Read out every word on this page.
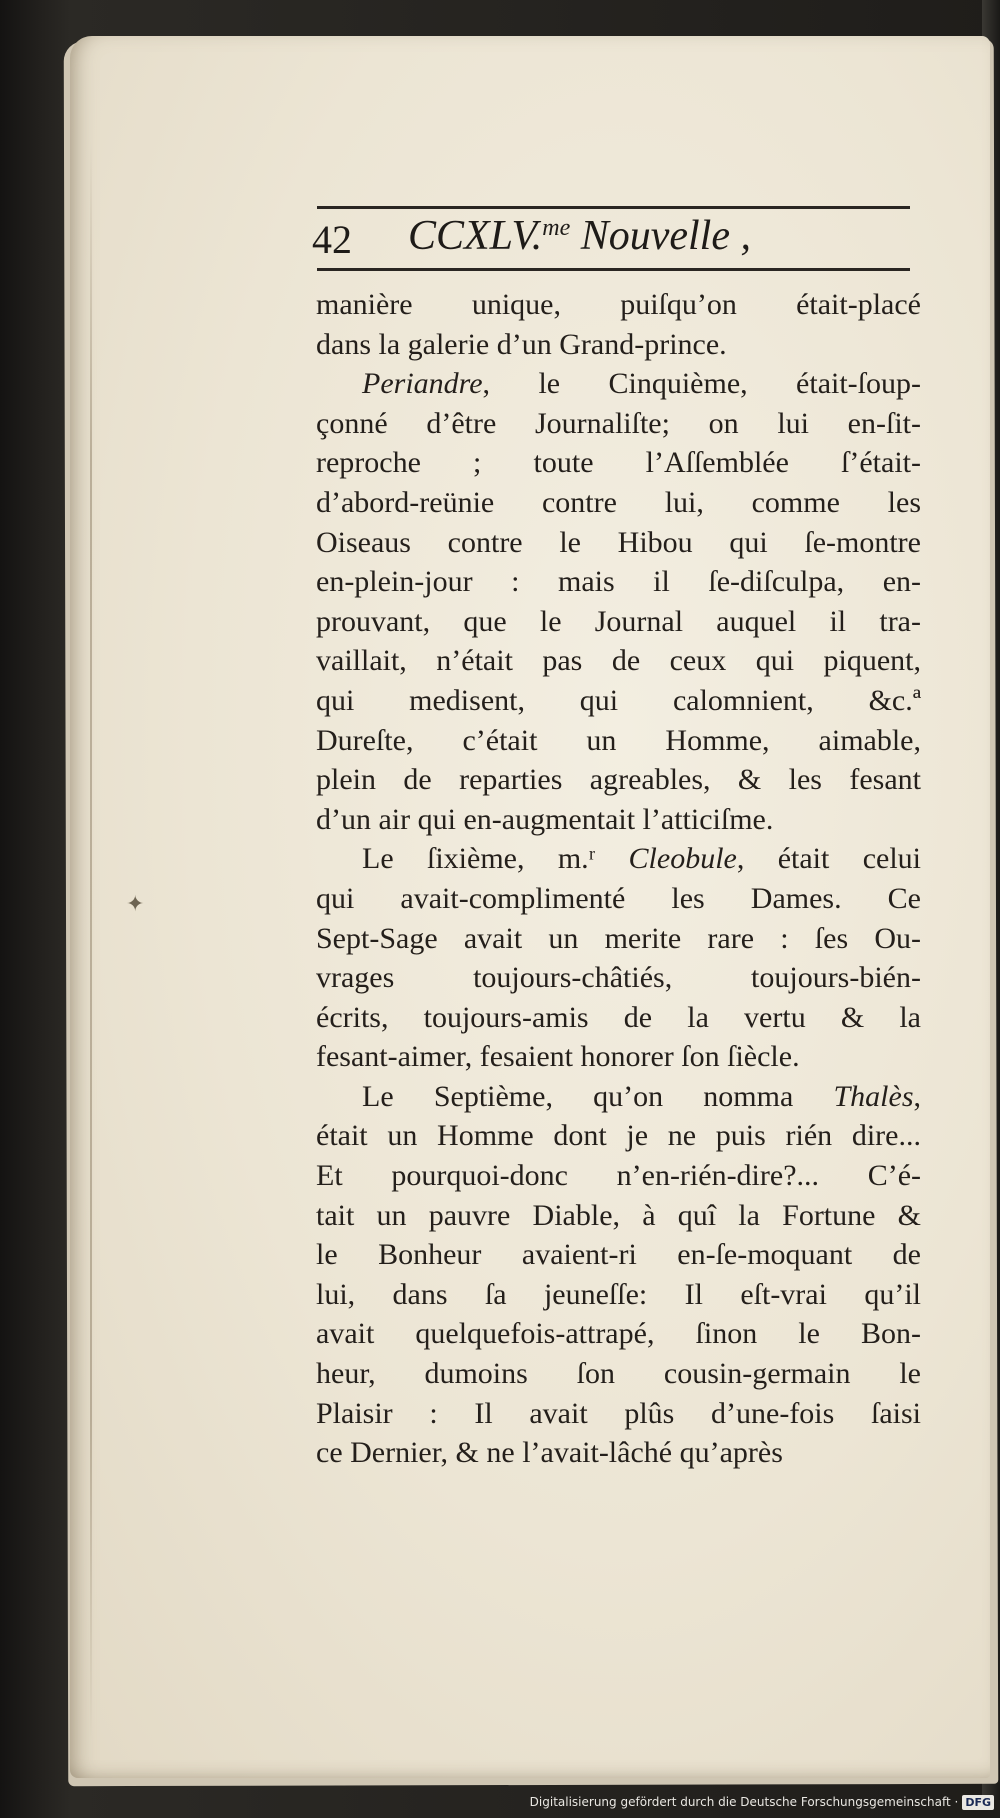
✦
42 CCXLV.$^{me}$ Nouvelle ,
manière unique, puiſqu’on était-placé
dans la galerie d’un Grand-prince.
Periandre, le Cinquième, était-ſoup-
çonné d’être Journaliſte; on lui en-ſit-
reproche ; toute l’Aſſemblée ſ’était-
d’abord-reünie contre lui, comme les
Oiseaus contre le Hibou qui ſe-montre
en-plein-jour : mais il ſe-diſculpa, en-
prouvant, que le Journal auquel il tra-
vaillait, n’était pas de ceux qui piquent,
qui medisent, qui calomnient, &c.ª
Dureſte, c’était un Homme, aimable,
plein de reparties agreables, & les fesant
d’un air qui en-augmentait l’atticiſme.
Le ſixième, m.ʳ Cleobule, était celui
qui avait-complimenté les Dames. Ce
Sept-Sage avait un merite rare : ſes Ou-
vrages toujours-châtiés, toujours-bién-
écrits, toujours-amis de la vertu & la
fesant-aimer, fesaient honorer ſon ſiècle.
Le Septième, qu’on nomma Thalès,
était un Homme dont je ne puis rién dire...
Et pourquoi-donc n’en-rién-dire?... C’é-
tait un pauvre Diable, à quî la Fortune &
le Bonheur avaient-ri en-ſe-moquant de
lui, dans ſa jeuneſſe: Il eſt-vrai qu’il
avait quelquefois-attrapé, ſinon le Bon-
heur, dumoins ſon cousin-germain le
Plaisir : Il avait plûs d’une-fois ſaisi
ce Dernier, & ne l’avait-lâché qu’après
Digitalisierung gefördert durch die Deutsche Forschungsgemeinschaft · DFG
